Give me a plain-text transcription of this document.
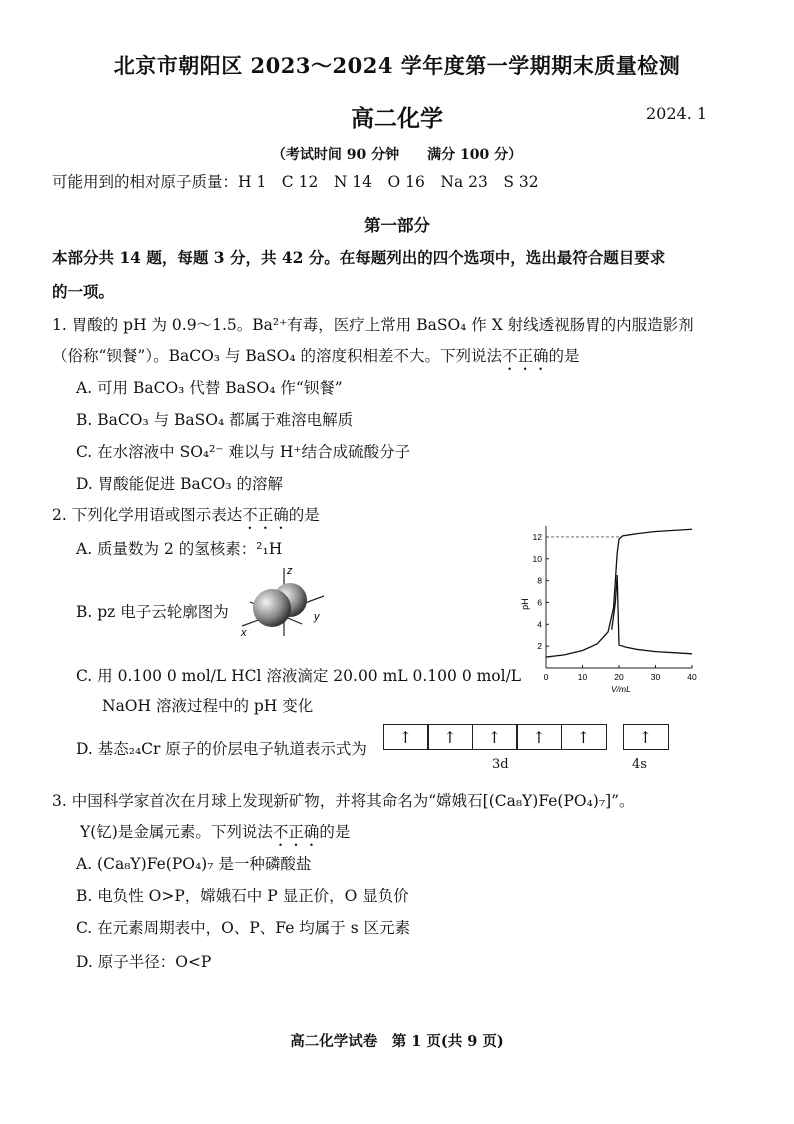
北京市朝阳区 2023～2024 学年度第一学期期末质量检测
高二化学	2024. 1
（考试时间 90 分钟　　满分 100 分）
可能用到的相对原子质量：H 1　C 12　N 14　O 16　Na 23　S 32
第一部分
本部分共 14 题，每题 3 分，共 42 分。在每题列出的四个选项中，选出最符合题目要求
的一项。
1. 胃酸的 pH 为 0.9～1.5。Ba²⁺有毒，医疗上常用 BaSO₄ 作 X 射线透视肠胃的内服造影剂
（俗称“钡餐”）。BaCO₃ 与 BaSO₄ 的溶度积相差不大。下列说法不正确的是
A. 可用 BaCO₃ 代替 BaSO₄ 作“钡餐”
B. BaCO₃ 与 BaSO₄ 都属于难溶电解质
C. 在水溶液中 SO₄²⁻ 难以与 H⁺结合成硫酸分子
D. 胃酸能促进 BaCO₃ 的溶解
2. 下列化学用语或图示表达不正确的是
A. 质量数为 2 的氢核素：²₁H
B. pz 电子云轮廓图为
z
y
x
C. 用 0.100 0 mol/L HCl 溶液滴定 20.00 mL 0.100 0 mol/L
NaOH 溶液过程中的 pH 变化
0	10	20	30	40
2
4
6
8
10
12
V/mL
pH
D. 基态₂₄Cr 原子的价层电子轨道表示式为
↑	↑	↑	↑	↑	↑
3d	4s
3. 中国科学家首次在月球上发现新矿物，并将其命名为“嫦娥石[(Ca₈Y)Fe(PO₄)₇]”。
Y(钇)是金属元素。下列说法不正确的是
A. (Ca₈Y)Fe(PO₄)₇ 是一种磷酸盐
B. 电负性 O>P，嫦娥石中 P 显正价，O 显负价
C. 在元素周期表中，O、P、Fe 均属于 s 区元素
D. 原子半径：O<P
高二化学试卷　第 1 页(共 9 页)
